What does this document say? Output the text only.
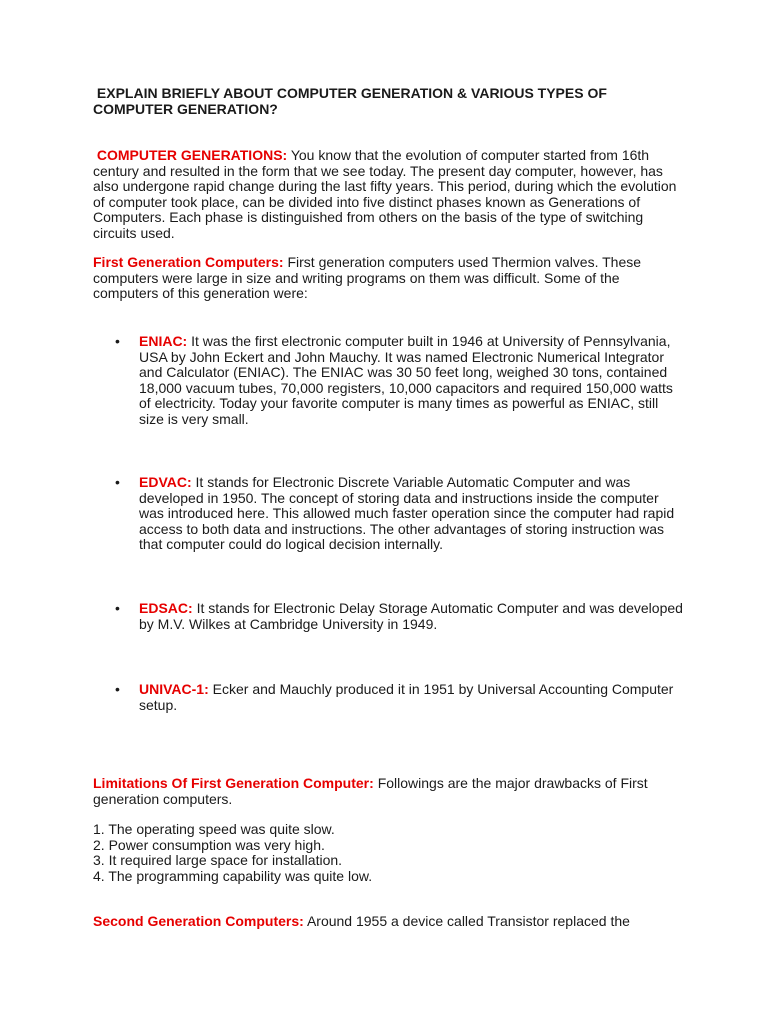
EXPLAIN BRIEFLY ABOUT COMPUTER GENERATION & VARIOUS TYPES OF
COMPUTER GENERATION?

COMPUTER GENERATIONS: You know that the evolution of computer started from 16th century and resulted in the form that we see today. The present day computer, however, has also undergone rapid change during the last fifty years. This period, during which the evolution of computer took place, can be divided into five distinct phases known as Generations of Computers. Each phase is distinguished from others on the basis of the type of switching circuits used.

First Generation Computers: First generation computers used Thermion valves. These computers were large in size and writing programs on them was difficult. Some of the computers of this generation were:

• ENIAC: It was the first electronic computer built in 1946 at University of Pennsylvania, USA by John Eckert and John Mauchy. It was named Electronic Numerical Integrator and Calculator (ENIAC). The ENIAC was 30 50 feet long, weighed 30 tons, contained 18,000 vacuum tubes, 70,000 registers, 10,000 capacitors and required 150,000 watts of electricity. Today your favorite computer is many times as powerful as ENIAC, still size is very small.

• EDVAC: It stands for Electronic Discrete Variable Automatic Computer and was developed in 1950. The concept of storing data and instructions inside the computer was introduced here. This allowed much faster operation since the computer had rapid access to both data and instructions. The other advantages of storing instruction was that computer could do logical decision internally.

• EDSAC: It stands for Electronic Delay Storage Automatic Computer and was developed by M.V. Wilkes at Cambridge University in 1949.

• UNIVAC-1: Ecker and Mauchly produced it in 1951 by Universal Accounting Computer setup.

Limitations Of First Generation Computer: Followings are the major drawbacks of First generation computers.

1. The operating speed was quite slow.
2. Power consumption was very high.
3. It required large space for installation.
4. The programming capability was quite low.

Second Generation Computers: Around 1955 a device called Transistor replaced the
